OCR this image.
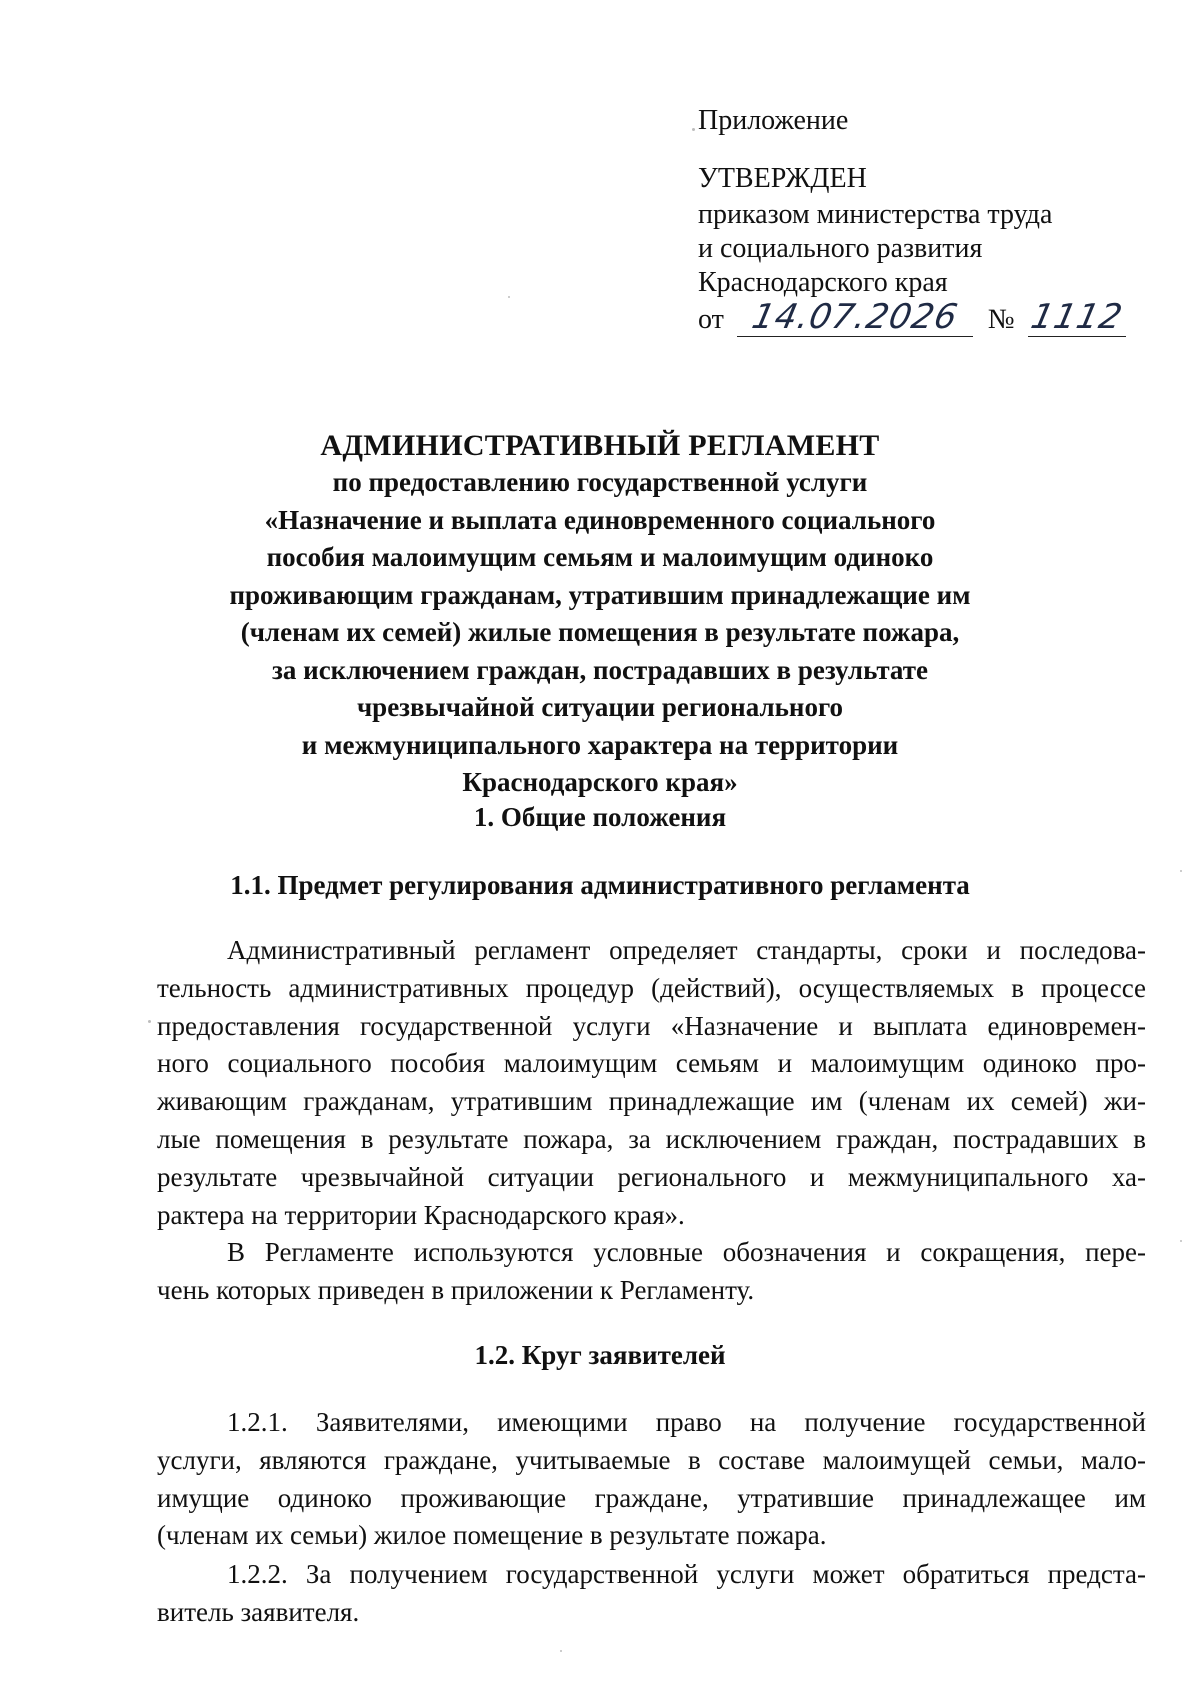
Приложение

УТВЕРЖДЕН

приказом министерства труда

и социального развития

Краснодарского края

от 14.07.2026 № 1112

АДМИНИСТРАТИВНЫЙ РЕГЛАМЕНТ

по предоставлению государственной услуги

«Назначение и выплата единовременного социального

пособия малоимущим семьям и малоимущим одиноко

проживающим гражданам, утратившим принадлежащие им

(членам их семей) жилые помещения в результате пожара,

за исключением граждан, пострадавших в результате

чрезвычайной ситуации регионального

и межмуниципального характера на территории

Краснодарского края»

1. Общие положения

1.1. Предмет регулирования административного регламента

Административный регламент определяет стандарты, сроки и последова-
тельность административных процедур (действий), осуществляемых в процессе
предоставления государственной услуги «Назначение и выплата единовремен-
ного социального пособия малоимущим семьям и малоимущим одиноко про-
живающим гражданам, утратившим принадлежащие им (членам их семей) жи-
лые помещения в результате пожара, за исключением граждан, пострадавших в
результате чрезвычайной ситуации регионального и межмуниципального ха-
рактера на территории Краснодарского края».
В Регламенте используются условные обозначения и сокращения, пере-
чень которых приведен в приложении к Регламенту.

1.2. Круг заявителей

1.2.1. Заявителями, имеющими право на получение государственной
услуги, являются граждане, учитываемые в составе малоимущей семьи, мало-
имущие одиноко проживающие граждане, утратившие принадлежащее им
(членам их семьи) жилое помещение в результате пожара.
1.2.2. За получением государственной услуги может обратиться предста-
витель заявителя.
